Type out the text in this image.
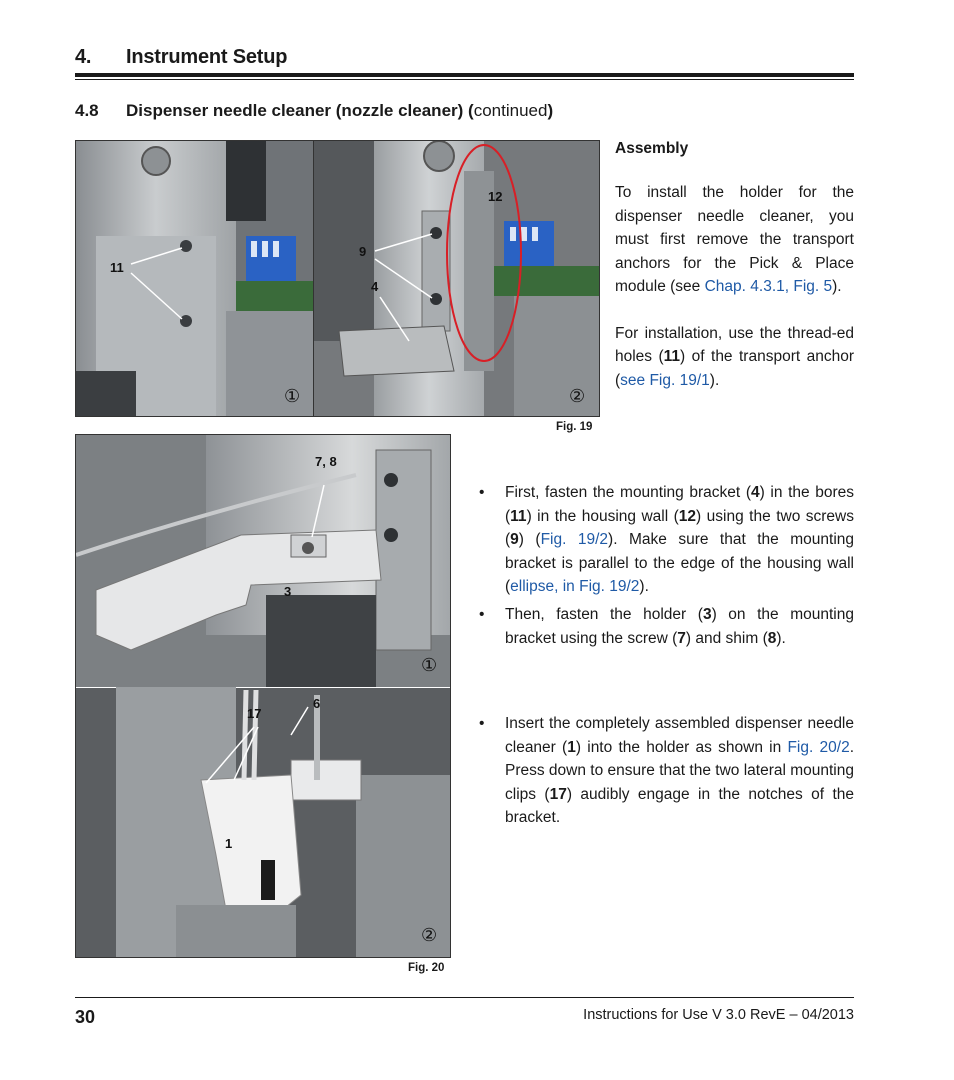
4. Instrument Setup
4.8 Dispenser needle cleaner (nozzle cleaner) (continued)
11
①
12
9
4
②
Fig. 19
Assembly

To install the holder for the dispenser needle cleaner, you must first remove the transport anchors for the Pick & Place module (see Chap. 4.3.1, Fig. 5).

For installation, use the thread-ed holes (11) of the transport anchor (see Fig. 19/1).

7, 8
3
①
17
6
1
②
Fig. 20
• First, fasten the mounting bracket (4) in the bores (11) in the housing wall (12) using the two screws (9) (Fig. 19/2). Make sure that the mounting bracket is parallel to the edge of the housing wall (ellipse, in Fig. 19/2).
• Then, fasten the holder (3) on the mounting bracket using the screw (7) and shim (8).
• Insert the completely assembled dispenser needle cleaner (1) into the holder as shown in Fig. 20/2. Press down to ensure that the two lateral mounting clips (17) audibly engage in the notches of the bracket.
30	Instructions for Use V 3.0 RevE – 04/2013
